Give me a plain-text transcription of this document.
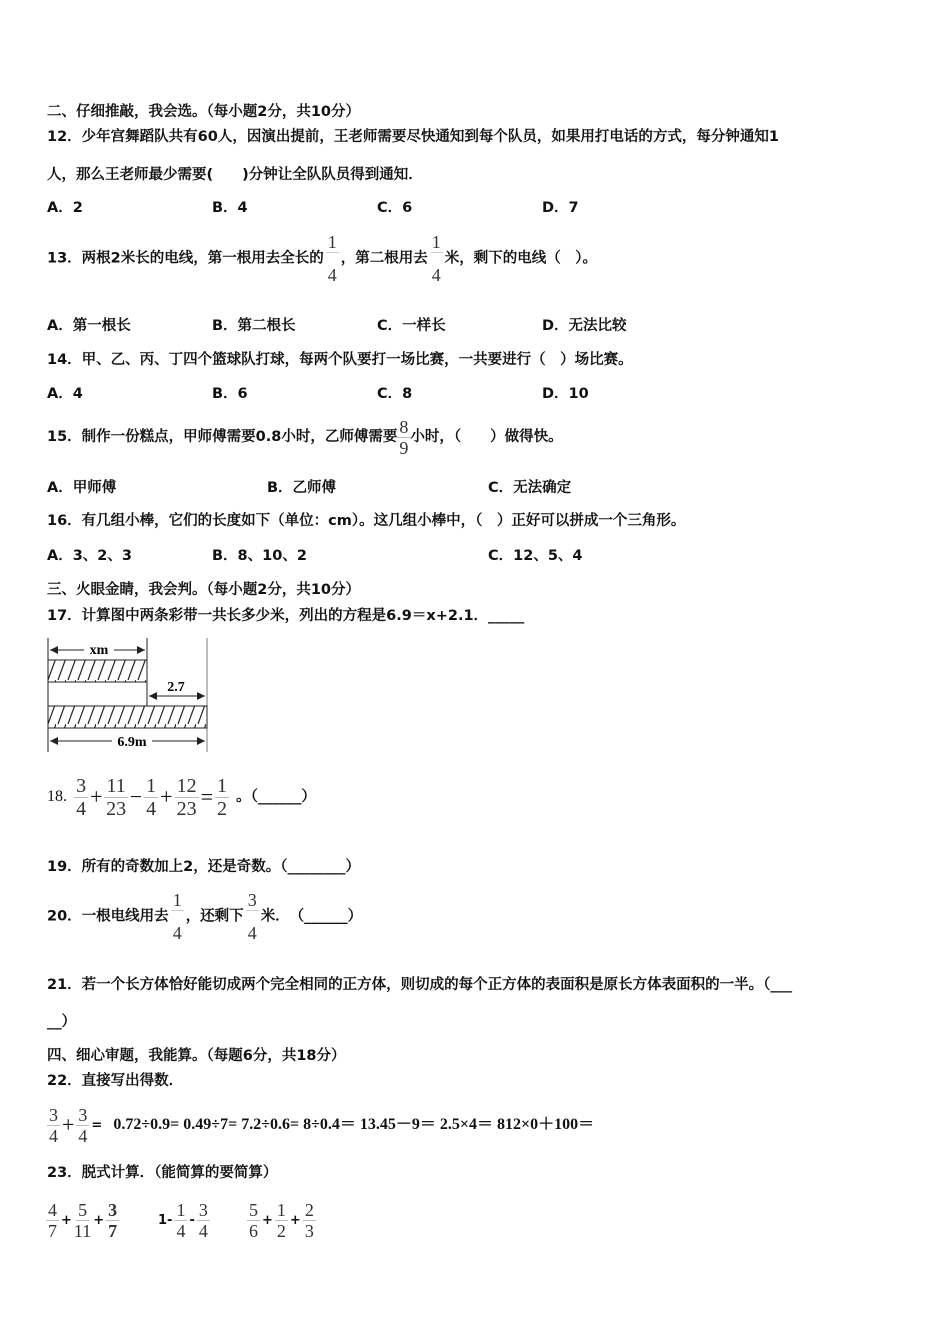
二、仔细推敲，我会选。（每小题2分，共10分）
12．少年宫舞蹈队共有60人，因演出提前，王老师需要尽快通知到每个队员，如果用打电话的方式，每分钟通知1
人，那么王老师最少需要(　　)分钟让全队队员得到通知．
A．2	B．4	C．6	D．7
13．两根2米长的电线，第一根用去全长的 $\frac{1}{4}$ ，第二根用去 $\frac{1}{4}$ 米，剩下的电线（　）。
A．第一根长	B．第二根长	C．一样长	D．无法比较
14．甲、乙、丙、丁四个篮球队打球，每两个队要打一场比赛，一共要进行（　）场比赛。
A．4	B．6	C．8	D．10
15．制作一份糕点，甲师傅需要0.8小时，乙师傅需要 $\frac{8}{9}$ 小时，（　　）做得快。
A．甲师傅	B．乙师傅	C．无法确定
16．有几组小棒，它们的长度如下（单位：cm）。这几组小棒中，（　）正好可以拼成一个三角形。
A．3、2、3	B．8、10、2	C．12、5、4
三、火眼金睛，我会判。（每小题2分，共10分）
17．计算图中两条彩带一共长多少米，列出的方程是6.9＝x+2.1．_____
xm
2.7
6.9m
18. $\frac{3}{4} + \frac{11}{23} - \frac{1}{4} + \frac{12}{23} = \frac{1}{2}$ 。（______）
19．所有的奇数加上2，还是奇数。（________）
20．一根电线用去 $\frac{1}{4}$ ，还剩下 $\frac{3}{4}$ 米．　（______）
21．若一个长方体恰好能切成两个完全相同的正方体，则切成的每个正方体的表面积是原长方体表面积的一半。（___
__）
四、细心审题，我能算。（每题6分，共18分）
22．直接写出得数．
$\frac{3}{4} + \frac{3}{4} = 0.72\div 0.9= 0.49\div 7= 7.2\div 0.6= 8\div 0.4= 13.45-9= 2.5\times 4= 812\times 0+100=$
23．脱式计算．（能简算的要简算）
$\frac{4}{7} + \frac{5}{11} + \frac{3}{7}$	$1- \frac{1}{4} - \frac{3}{4} \frac{5}{6} + \frac{1}{2} + \frac{2}{3}$
